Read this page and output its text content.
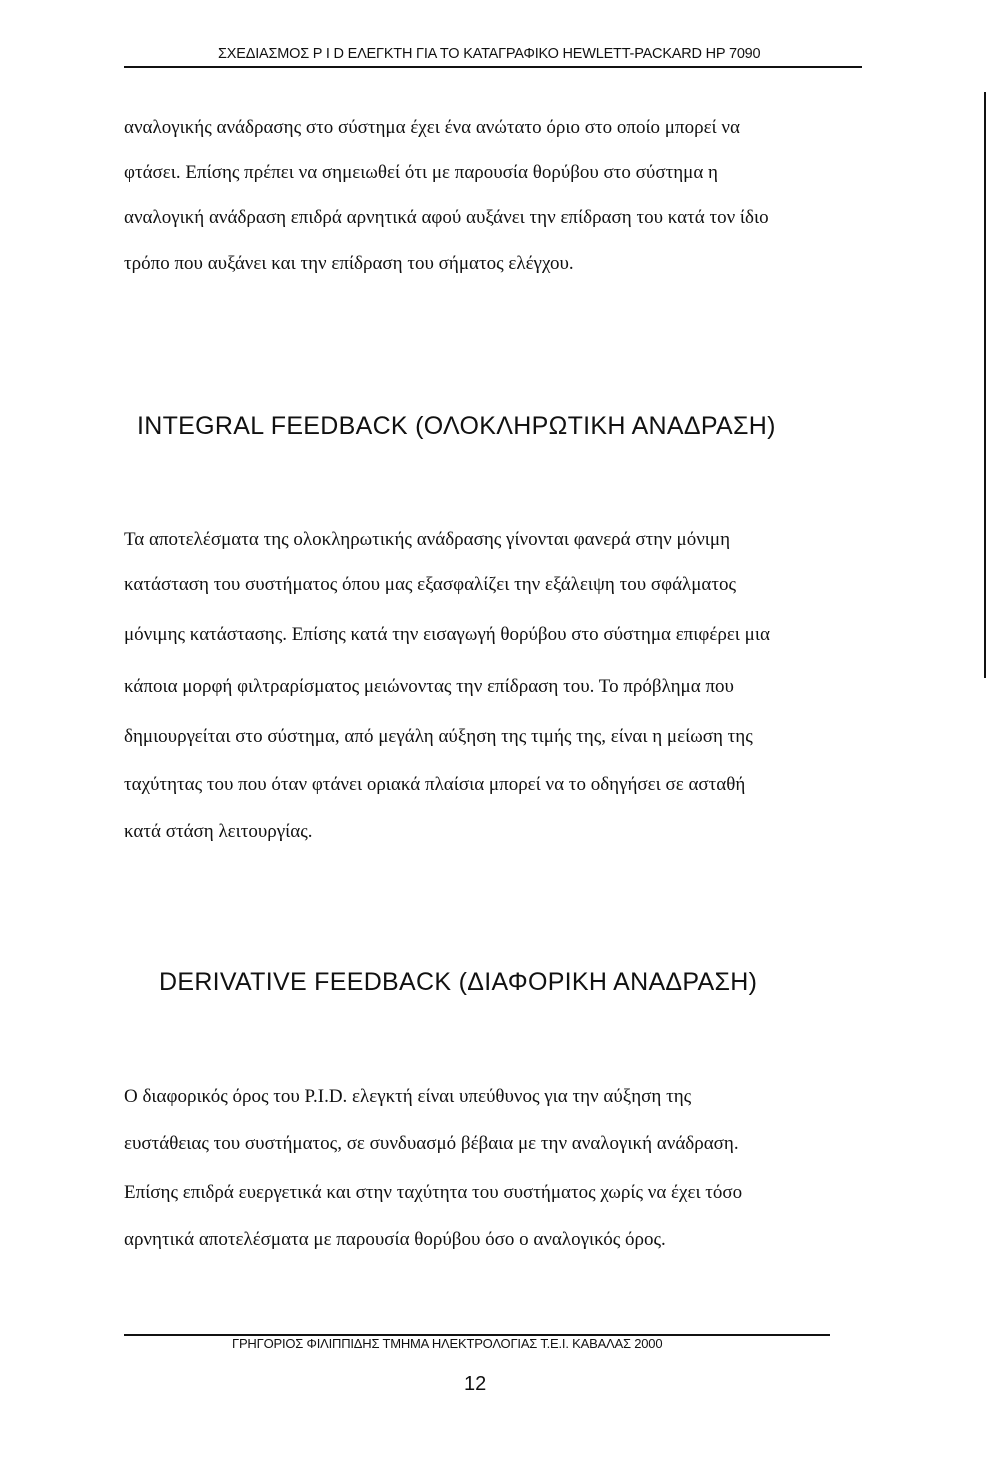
ΣΧΕΔΙΑΣΜΟΣ P I D ΕΛΕΓΚΤΗ ΓΙΑ ΤΟ ΚΑΤΑΓΡΑΦΙΚΟ HEWLETT-PACKARD HP 7090
αναλογικής ανάδρασης στο σύστημα έχει ένα ανώτατο όριο στο οποίο μπορεί να
φτάσει. Επίσης πρέπει να σημειωθεί ότι με παρουσία θορύβου στο σύστημα η
αναλογική ανάδραση επιδρά αρνητικά αφού αυξάνει την επίδραση του κατά τον ίδιο
τρόπο που αυξάνει και την επίδραση του σήματος ελέγχου.
INTEGRAL FEEDBACK (ΟΛΟΚΛΗΡΩΤΙΚΗ ΑΝΑΔΡΑΣΗ)
Τα αποτελέσματα της ολοκληρωτικής ανάδρασης γίνονται φανερά στην μόνιμη
κατάσταση του συστήματος όπου μας εξασφαλίζει την εξάλειψη του σφάλματος
μόνιμης κατάστασης. Επίσης κατά την εισαγωγή θορύβου στο σύστημα επιφέρει μια
κάποια μορφή φιλτραρίσματος μειώνοντας την επίδραση του. Το πρόβλημα που
δημιουργείται στο σύστημα, από μεγάλη αύξηση της τιμής της, είναι η μείωση της
ταχύτητας του που όταν φτάνει οριακά πλαίσια μπορεί να το οδηγήσει σε ασταθή
κατά στάση λειτουργίας.
DERIVATIVE FEEDBACK (ΔΙΑΦΟΡΙΚΗ ΑΝΑΔΡΑΣΗ)
Ο διαφορικός όρος του P.I.D. ελεγκτή είναι υπεύθυνος για την αύξηση της
ευστάθειας του συστήματος, σε συνδυασμό βέβαια με την αναλογική ανάδραση.
Επίσης επιδρά ευεργετικά και στην ταχύτητα του συστήματος χωρίς να έχει τόσο
αρνητικά αποτελέσματα με παρουσία θορύβου όσο ο αναλογικός όρος.
ΓΡΗΓΟΡΙΟΣ ΦΙΛΙΠΠΙΔΗΣ ΤΜΗΜΑ ΗΛΕΚΤΡΟΛΟΓΙΑΣ Τ.Ε.Ι. ΚΑΒΑΛΑΣ 2000
12
